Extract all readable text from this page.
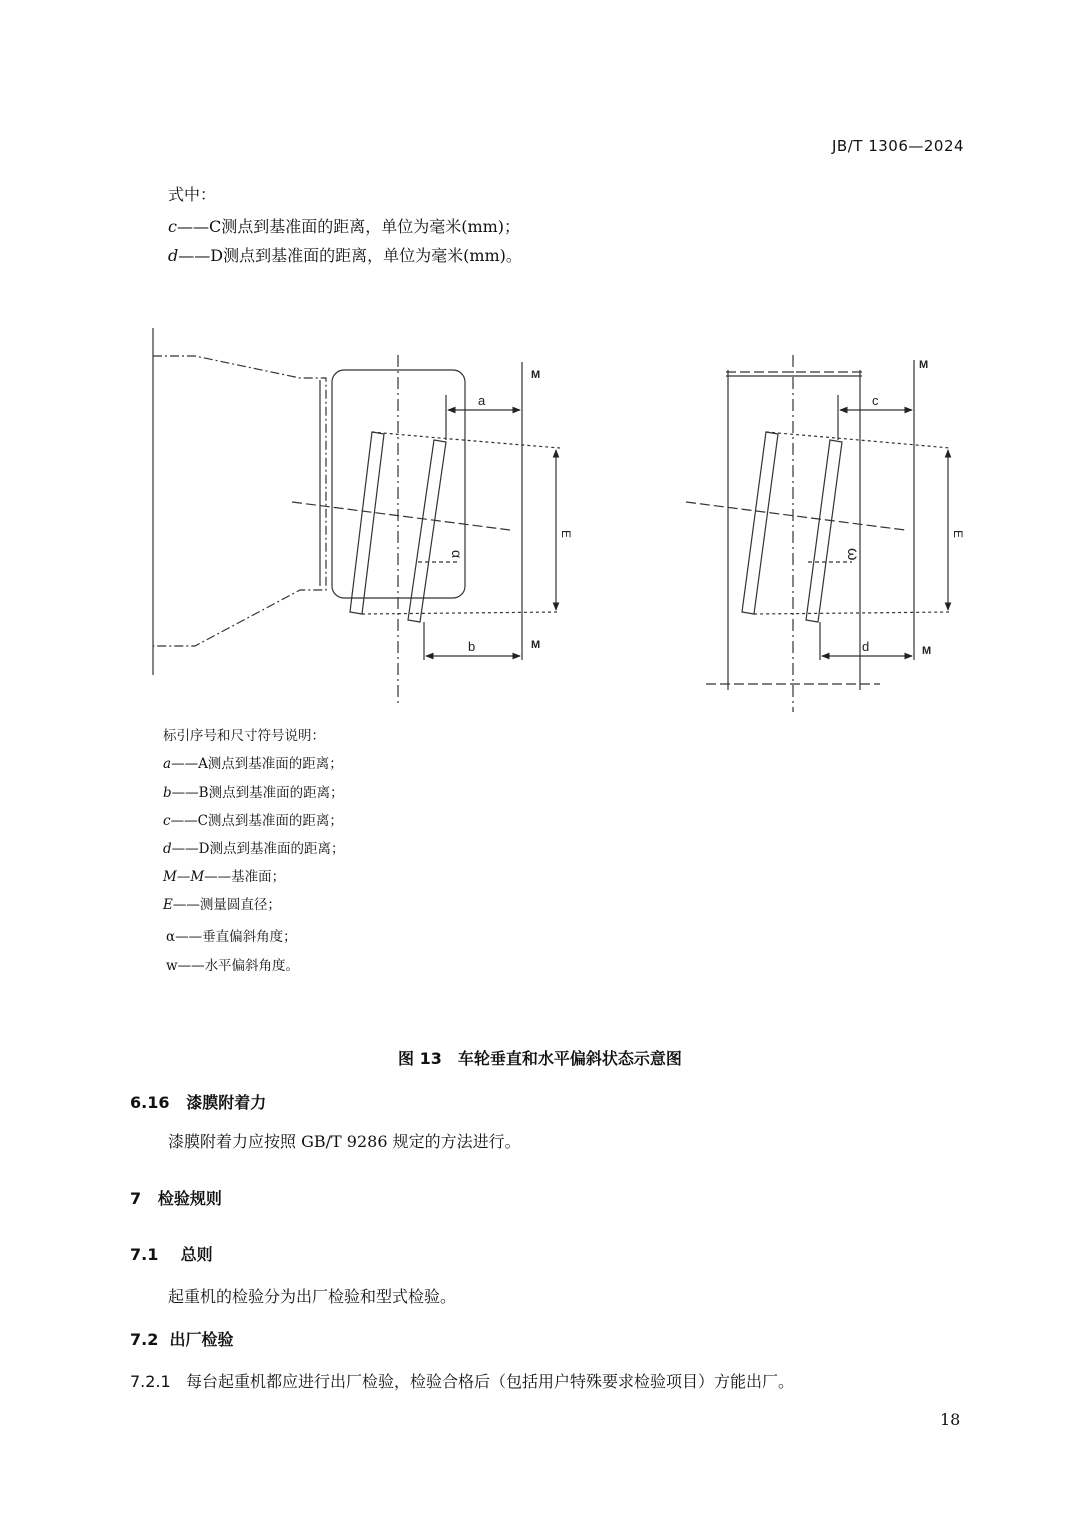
JB/T 1306—2024
式中：
c——C测点到基准面的距离，单位为毫米(mm)；
d——D测点到基准面的距离，单位为毫米(mm)。
a
b
c
d
M
M
M
M
E	E
α	ω
标引序号和尺寸符号说明：
a——A测点到基准面的距离；
b——B测点到基准面的距离；
c——C测点到基准面的距离；
d——D测点到基准面的距离；
M—M——基准面；
E——测量圆直径；
α——垂直偏斜角度；
w——水平偏斜角度。
图 13　车轮垂直和水平偏斜状态示意图
6.16 漆膜附着力
漆膜附着力应按照 GB/T 9286 规定的方法进行。
7 检验规则
7.1 总则
起重机的检验分为出厂检验和型式检验。
7.2 出厂检验
7.2.1 每台起重机都应进行出厂检验，检验合格后（包括用户特殊要求检验项目）方能出厂。
18
